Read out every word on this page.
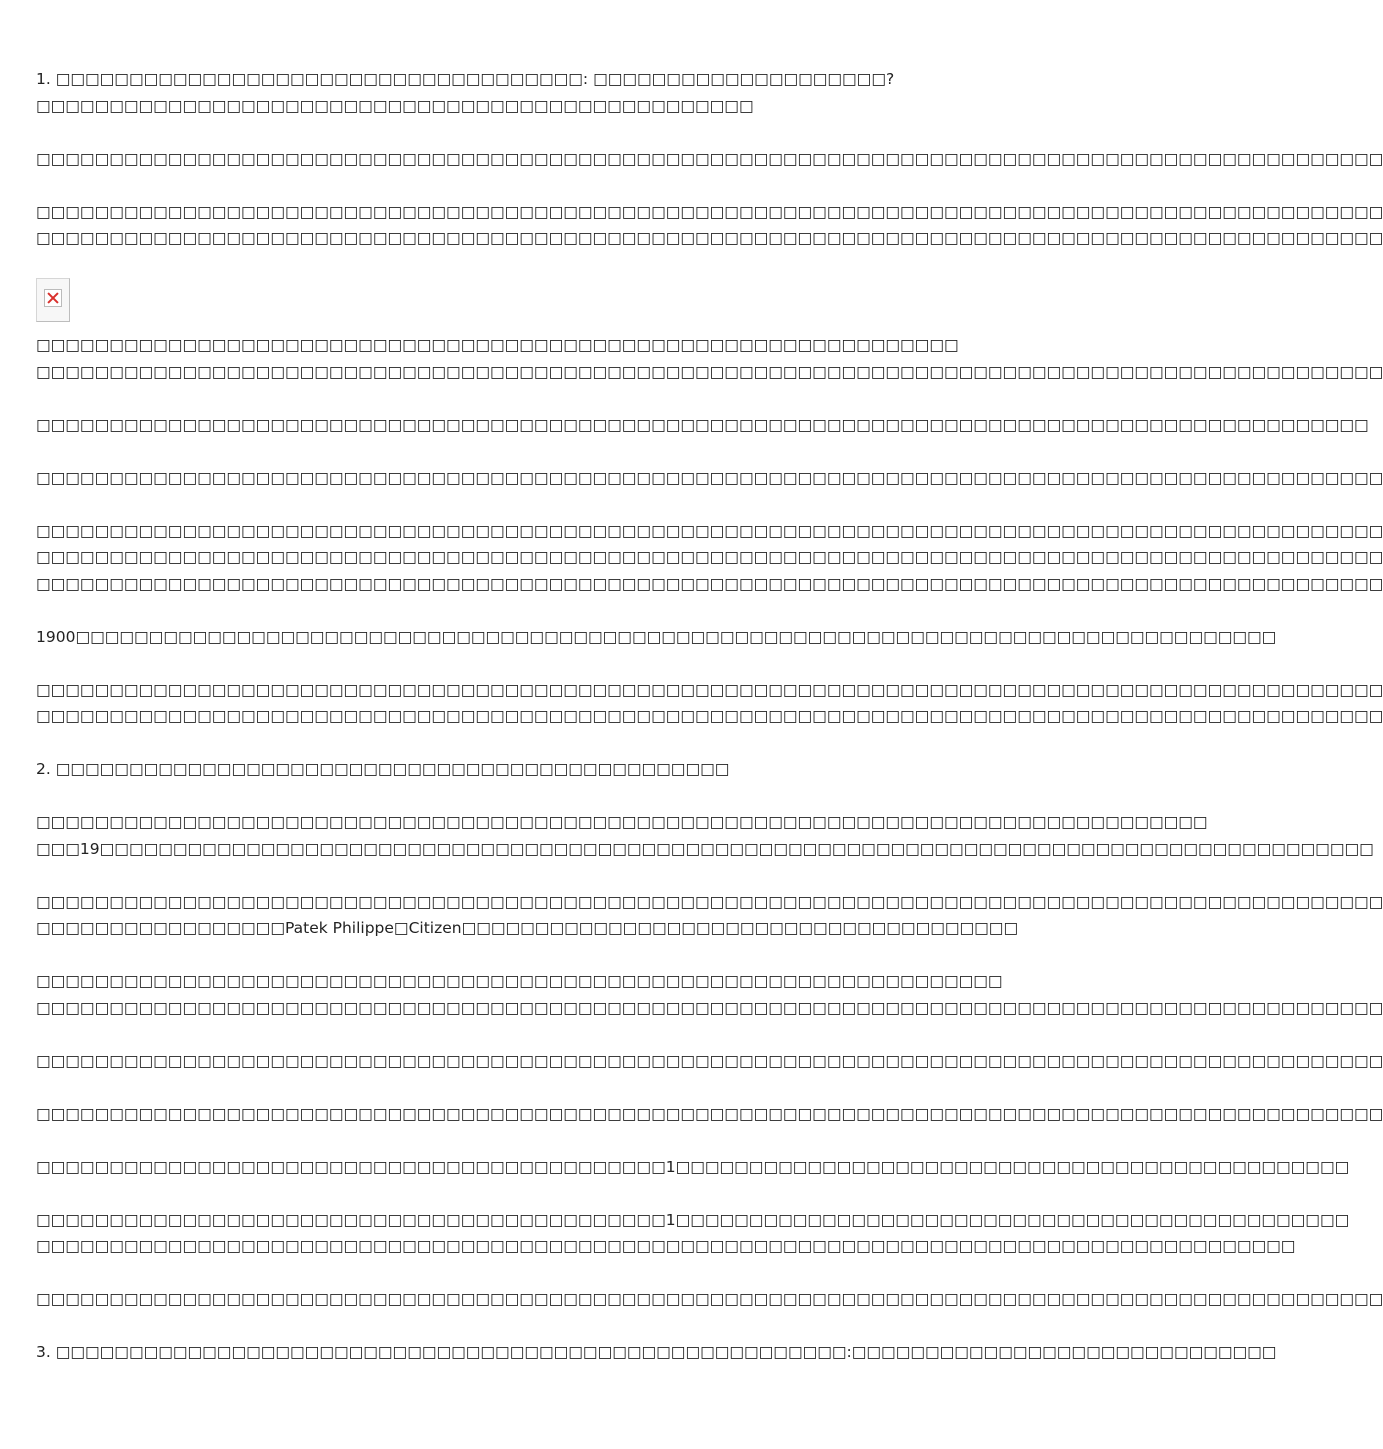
1. □□□□□□□□□□□□□□□□□□□□□□□□□□□□□□□□□□□□: □□□□□□□□□□□□□□□□□□□□?
□□□□□□□□□□□□□□□□□□□□□□□□□□□□□□□□□□□□□□□□□□□□□□□□□
□□□□□□□□□□□□□□□□□□□□□□□□□□□□□□□□□□□□□□□□□□□□□□□□□□□□□□□□□□□□□□□□□□□□□□□□□□□□□□□□□□□□□□□□□□□□
□□□□□□□□□□□□□□□□□□□□□□□□□□□□□□□□□□□□□□□□□□□□□□□□□□□□□□□□□□□□□□□□□□□□□□□□□□□□□□□□□□□□□□□□□□□□
□□□□□□□□□□□□□□□□□□□□□□□□□□□□□□□□□□□□□□□□□□□□□□□□□□□□□□□□□□□□□□□□□□□□□□□□□□□□□□□□□□□□□□□□□□□□
□□□□□□□□□□□□□□□□□□□□□□□□□□□□□□□□□□□□□□□□□□□□□□□□□□□□□□□□□□□□□□□
□□□□□□□□□□□□□□□□□□□□□□□□□□□□□□□□□□□□□□□□□□□□□□□□□□□□□□□□□□□□□□□□□□□□□□□□□□□□□□□□□□□□□□□□□□□□
□□□□□□□□□□□□□□□□□□□□□□□□□□□□□□□□□□□□□□□□□□□□□□□□□□□□□□□□□□□□□□□□□□□□□□□□□□□□□□□□□□□□□□□□□□□
□□□□□□□□□□□□□□□□□□□□□□□□□□□□□□□□□□□□□□□□□□□□□□□□□□□□□□□□□□□□□□□□□□□□□□□□□□□□□□□□□□□□□□□□□□□□
□□□□□□□□□□□□□□□□□□□□□□□□□□□□□□□□□□□□□□□□□□□□□□□□□□□□□□□□□□□□□□□□□□□□□□□□□□□□□□□□□□□□□□□□□□□□
□□□□□□□□□□□□□□□□□□□□□□□□□□□□□□□□□□□□□□□□□□□□□□□□□□□□□□□□□□□□□□□□□□□□□□□□□□□□□□□□□□□□□□□□□□□□
□□□□□□□□□□□□□□□□□□□□□□□□□□□□□□□□□□□□□□□□□□□□□□□□□□□□□□□□□□□□□□□□□□□□□□□□□□□□□□□□□□□□□□□□□□□□
1900□□□□□□□□□□□□□□□□□□□□□□□□□□□□□□□□□□□□□□□□□□□□□□□□□□□□□□□□□□□□□□□□□□□□□□□□□□□□□□□□□□
□□□□□□□□□□□□□□□□□□□□□□□□□□□□□□□□□□□□□□□□□□□□□□□□□□□□□□□□□□□□□□□□□□□□□□□□□□□□□□□□□□□□□□□□□□□□
□□□□□□□□□□□□□□□□□□□□□□□□□□□□□□□□□□□□□□□□□□□□□□□□□□□□□□□□□□□□□□□□□□□□□□□□□□□□□□□□□□□□□□□□□□□□
2. □□□□□□□□□□□□□□□□□□□□□□□□□□□□□□□□□□□□□□□□□□□□□□
□□□□□□□□□□□□□□□□□□□□□□□□□□□□□□□□□□□□□□□□□□□□□□□□□□□□□□□□□□□□□□□□□□□□□□□□□□□□□□□□
□□□19□□□□□□□□□□□□□□□□□□□□□□□□□□□□□□□□□□□□□□□□□□□□□□□□□□□□□□□□□□□□□□□□□□□□□□□□□□□□□□□□□□□□□□□
□□□□□□□□□□□□□□□□□□□□□□□□□□□□□□□□□□□□□□□□□□□□□□□□□□□□□□□□□□□□□□□□□□□□□□□□□□□□□□□□□□□□□□□□□□□□
□□□□□□□□□□□□□□□□□Patek Philippe□Citizen□□□□□□□□□□□□□□□□□□□□□□□□□□□□□□□□□□□□□□
□□□□□□□□□□□□□□□□□□□□□□□□□□□□□□□□□□□□□□□□□□□□□□□□□□□□□□□□□□□□□□□□□□
□□□□□□□□□□□□□□□□□□□□□□□□□□□□□□□□□□□□□□□□□□□□□□□□□□□□□□□□□□□□□□□□□□□□□□□□□□□□□□□□□□□□□□□□□□□□
□□□□□□□□□□□□□□□□□□□□□□□□□□□□□□□□□□□□□□□□□□□□□□□□□□□□□□□□□□□□□□□□□□□□□□□□□□□□□□□□□□□□□□□□□□□□
□□□□□□□□□□□□□□□□□□□□□□□□□□□□□□□□□□□□□□□□□□□□□□□□□□□□□□□□□□□□□□□□□□□□□□□□□□□□□□□□□□□□□□□□□□□□
□□□□□□□□□□□□□□□□□□□□□□□□□□□□□□□□□□□□□□□□□□□1□□□□□□□□□□□□□□□□□□□□□□□□□□□□□□□□□□□□□□□□□□□□□□
□□□□□□□□□□□□□□□□□□□□□□□□□□□□□□□□□□□□□□□□□□□1□□□□□□□□□□□□□□□□□□□□□□□□□□□□□□□□□□□□□□□□□□□□□□
□□□□□□□□□□□□□□□□□□□□□□□□□□□□□□□□□□□□□□□□□□□□□□□□□□□□□□□□□□□□□□□□□□□□□□□□□□□□□□□□□□□□□□
□□□□□□□□□□□□□□□□□□□□□□□□□□□□□□□□□□□□□□□□□□□□□□□□□□□□□□□□□□□□□□□□□□□□□□□□□□□□□□□□□□□□□□□□□□□□
3. □□□□□□□□□□□□□□□□□□□□□□□□□□□□□□□□□□□□□□□□□□□□□□□□□□□□□□:□□□□□□□□□□□□□□□□□□□□□□□□□□□□□
